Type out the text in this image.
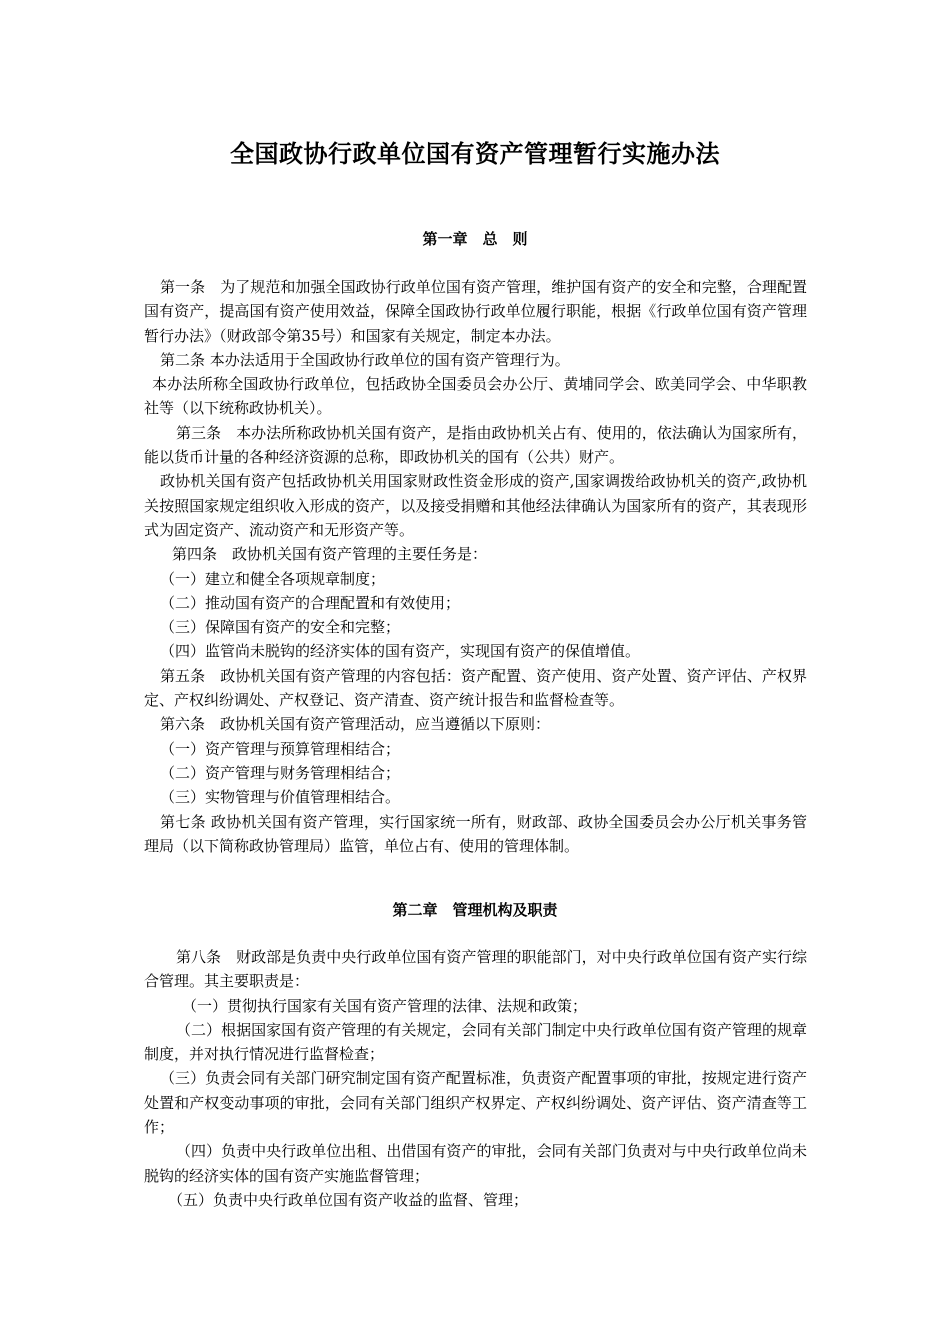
全国政协行政单位国有资产管理暂行实施办法
第一章　总　则

第一条　为了规范和加强全国政协行政单位国有资产管理，维护国有资产的安全和完整，合理配置国有资产，提高国有资产使用效益，保障全国政协行政单位履行职能，根据《行政单位国有资产管理暂行办法》（财政部令第35号）和国家有关规定，制定本办法。

第二条 本办法适用于全国政协行政单位的国有资产管理行为。

本办法所称全国政协行政单位，包括政协全国委员会办公厅、黄埔同学会、欧美同学会、中华职教社等（以下统称政协机关）。

第三条　本办法所称政协机关国有资产，是指由政协机关占有、使用的，依法确认为国家所有，能以货币计量的各种经济资源的总称，即政协机关的国有（公共）财产。

政协机关国有资产包括政协机关用国家财政性资金形成的资产,国家调拨给政协机关的资产,政协机关按照国家规定组织收入形成的资产，以及接受捐赠和其他经法律确认为国家所有的资产，其表现形式为固定资产、流动资产和无形资产等。

第四条　政协机关国有资产管理的主要任务是：

（一）建立和健全各项规章制度；

（二）推动国有资产的合理配置和有效使用；

（三）保障国有资产的安全和完整；

（四）监管尚未脱钩的经济实体的国有资产，实现国有资产的保值增值。

第五条　政协机关国有资产管理的内容包括：资产配置、资产使用、资产处置、资产评估、产权界定、产权纠纷调处、产权登记、资产清查、资产统计报告和监督检查等。

第六条　政协机关国有资产管理活动，应当遵循以下原则：

（一）资产管理与预算管理相结合；

（二）资产管理与财务管理相结合；

（三）实物管理与价值管理相结合。

第七条 政协机关国有资产管理，实行国家统一所有，财政部、政协全国委员会办公厅机关事务管理局（以下简称政协管理局）监管，单位占有、使用的管理体制。

第二章　管理机构及职责

第八条　财政部是负责中央行政单位国有资产管理的职能部门，对中央行政单位国有资产实行综合管理。其主要职责是：

（一）贯彻执行国家有关国有资产管理的法律、法规和政策；

（二）根据国家国有资产管理的有关规定，会同有关部门制定中央行政单位国有资产管理的规章制度，并对执行情况进行监督检查；

（三）负责会同有关部门研究制定国有资产配置标准，负责资产配置事项的审批，按规定进行资产处置和产权变动事项的审批，会同有关部门组织产权界定、产权纠纷调处、资产评估、资产清查等工作；

（四）负责中央行政单位出租、出借国有资产的审批，会同有关部门负责对与中央行政单位尚未脱钩的经济实体的国有资产实施监督管理；

（五）负责中央行政单位国有资产收益的监督、管理；
